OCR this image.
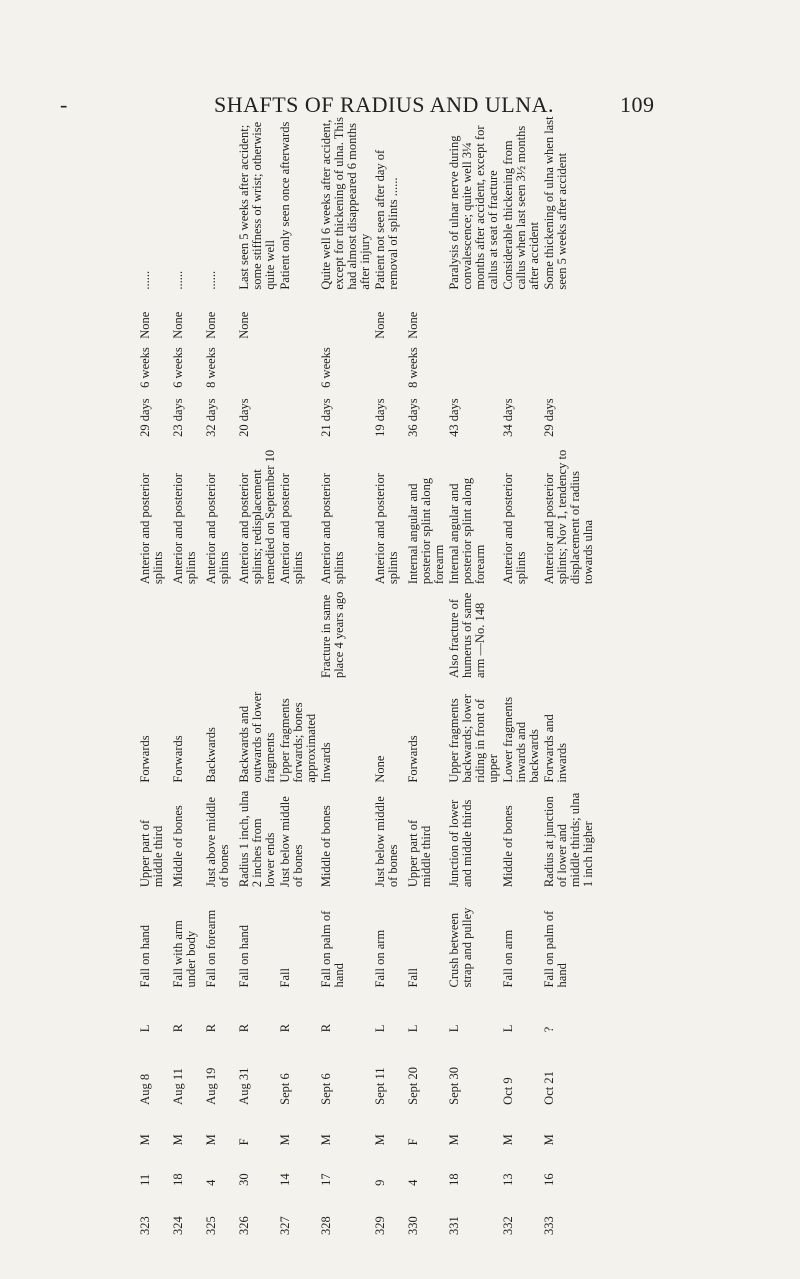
-	SHAFTS OF RADIUS AND ULNA.	109
323	11	M	Aug 8	L	Fall on hand	Upper part of middle third	Forwards		Anterior and posterior splints	29 days	6 weeks	None	......
324	18	M	Aug 11	R	Fall with arm under body	Middle of bones	Forwards		Anterior and posterior splints	23 days	6 weeks	None	......
325	4	M	Aug 19	R	Fall on forearm	Just above middle of bones	Backwards		Anterior and posterior splints	32 days	8 weeks	None	......
326	30	F	Aug 31	R	Fall on hand	Radius 1 inch, ulna 2 inches from lower ends	Backwards and outwards of lower fragments		Anterior and posterior splints; redisplacement remedied on September 10	20 days		None	Last seen 5 weeks after accident; some stiffness of wrist; otherwise quite well
327	14	M	Sept 6	R	Fall	Just below middle of bones	Upper fragments forwards; bones approximated		Anterior and posterior splints				Patient only seen once afterwards
328	17	M	Sept 6	R	Fall on palm of hand	Middle of bones	Inwards	Fracture in same place 4 years ago	Anterior and posterior splints	21 days	6 weeks		Quite well 6 weeks after accident, except for thickening of ulna. This had almost disappeared 6 months after injury
329	9	M	Sept 11	L	Fall on arm	Just below middle of bones	None		Anterior and posterior splints	19 days		None	Patient not seen after day of removal of splints ......
330	4	F	Sept 20	L	Fall	Upper part of middle third	Forwards		Internal angular and posterior splint along forearm	36 days	8 weeks	None	
331	18	M	Sept 30	L	Crush between strap and pulley	Junction of lower and middle thirds	Upper fragments backwards; lower riding in front of upper	Also fracture of humerus of same arm —No. 148	Internal angular and posterior splint along forearm	43 days			Paralysis of ulnar nerve during convalescence; quite well 3¼ months after accident, except for callus at seat of fracture
332	13	M	Oct 9	L	Fall on arm	Middle of bones	Lower fragments inwards and backwards		Anterior and posterior splints	34 days			Considerable thickening from callus when last seen 3½ months after accident
333	16	M	Oct 21	?	Fall on palm of hand	Radius at junction of lower and middle thirds; ulna 1 inch higher	Forwards and inwards		Anterior and posterior splints; Nov 1, tendency to displacement of radius towards ulna	29 days			Some thickening of ulna when last seen 5 weeks after accident
